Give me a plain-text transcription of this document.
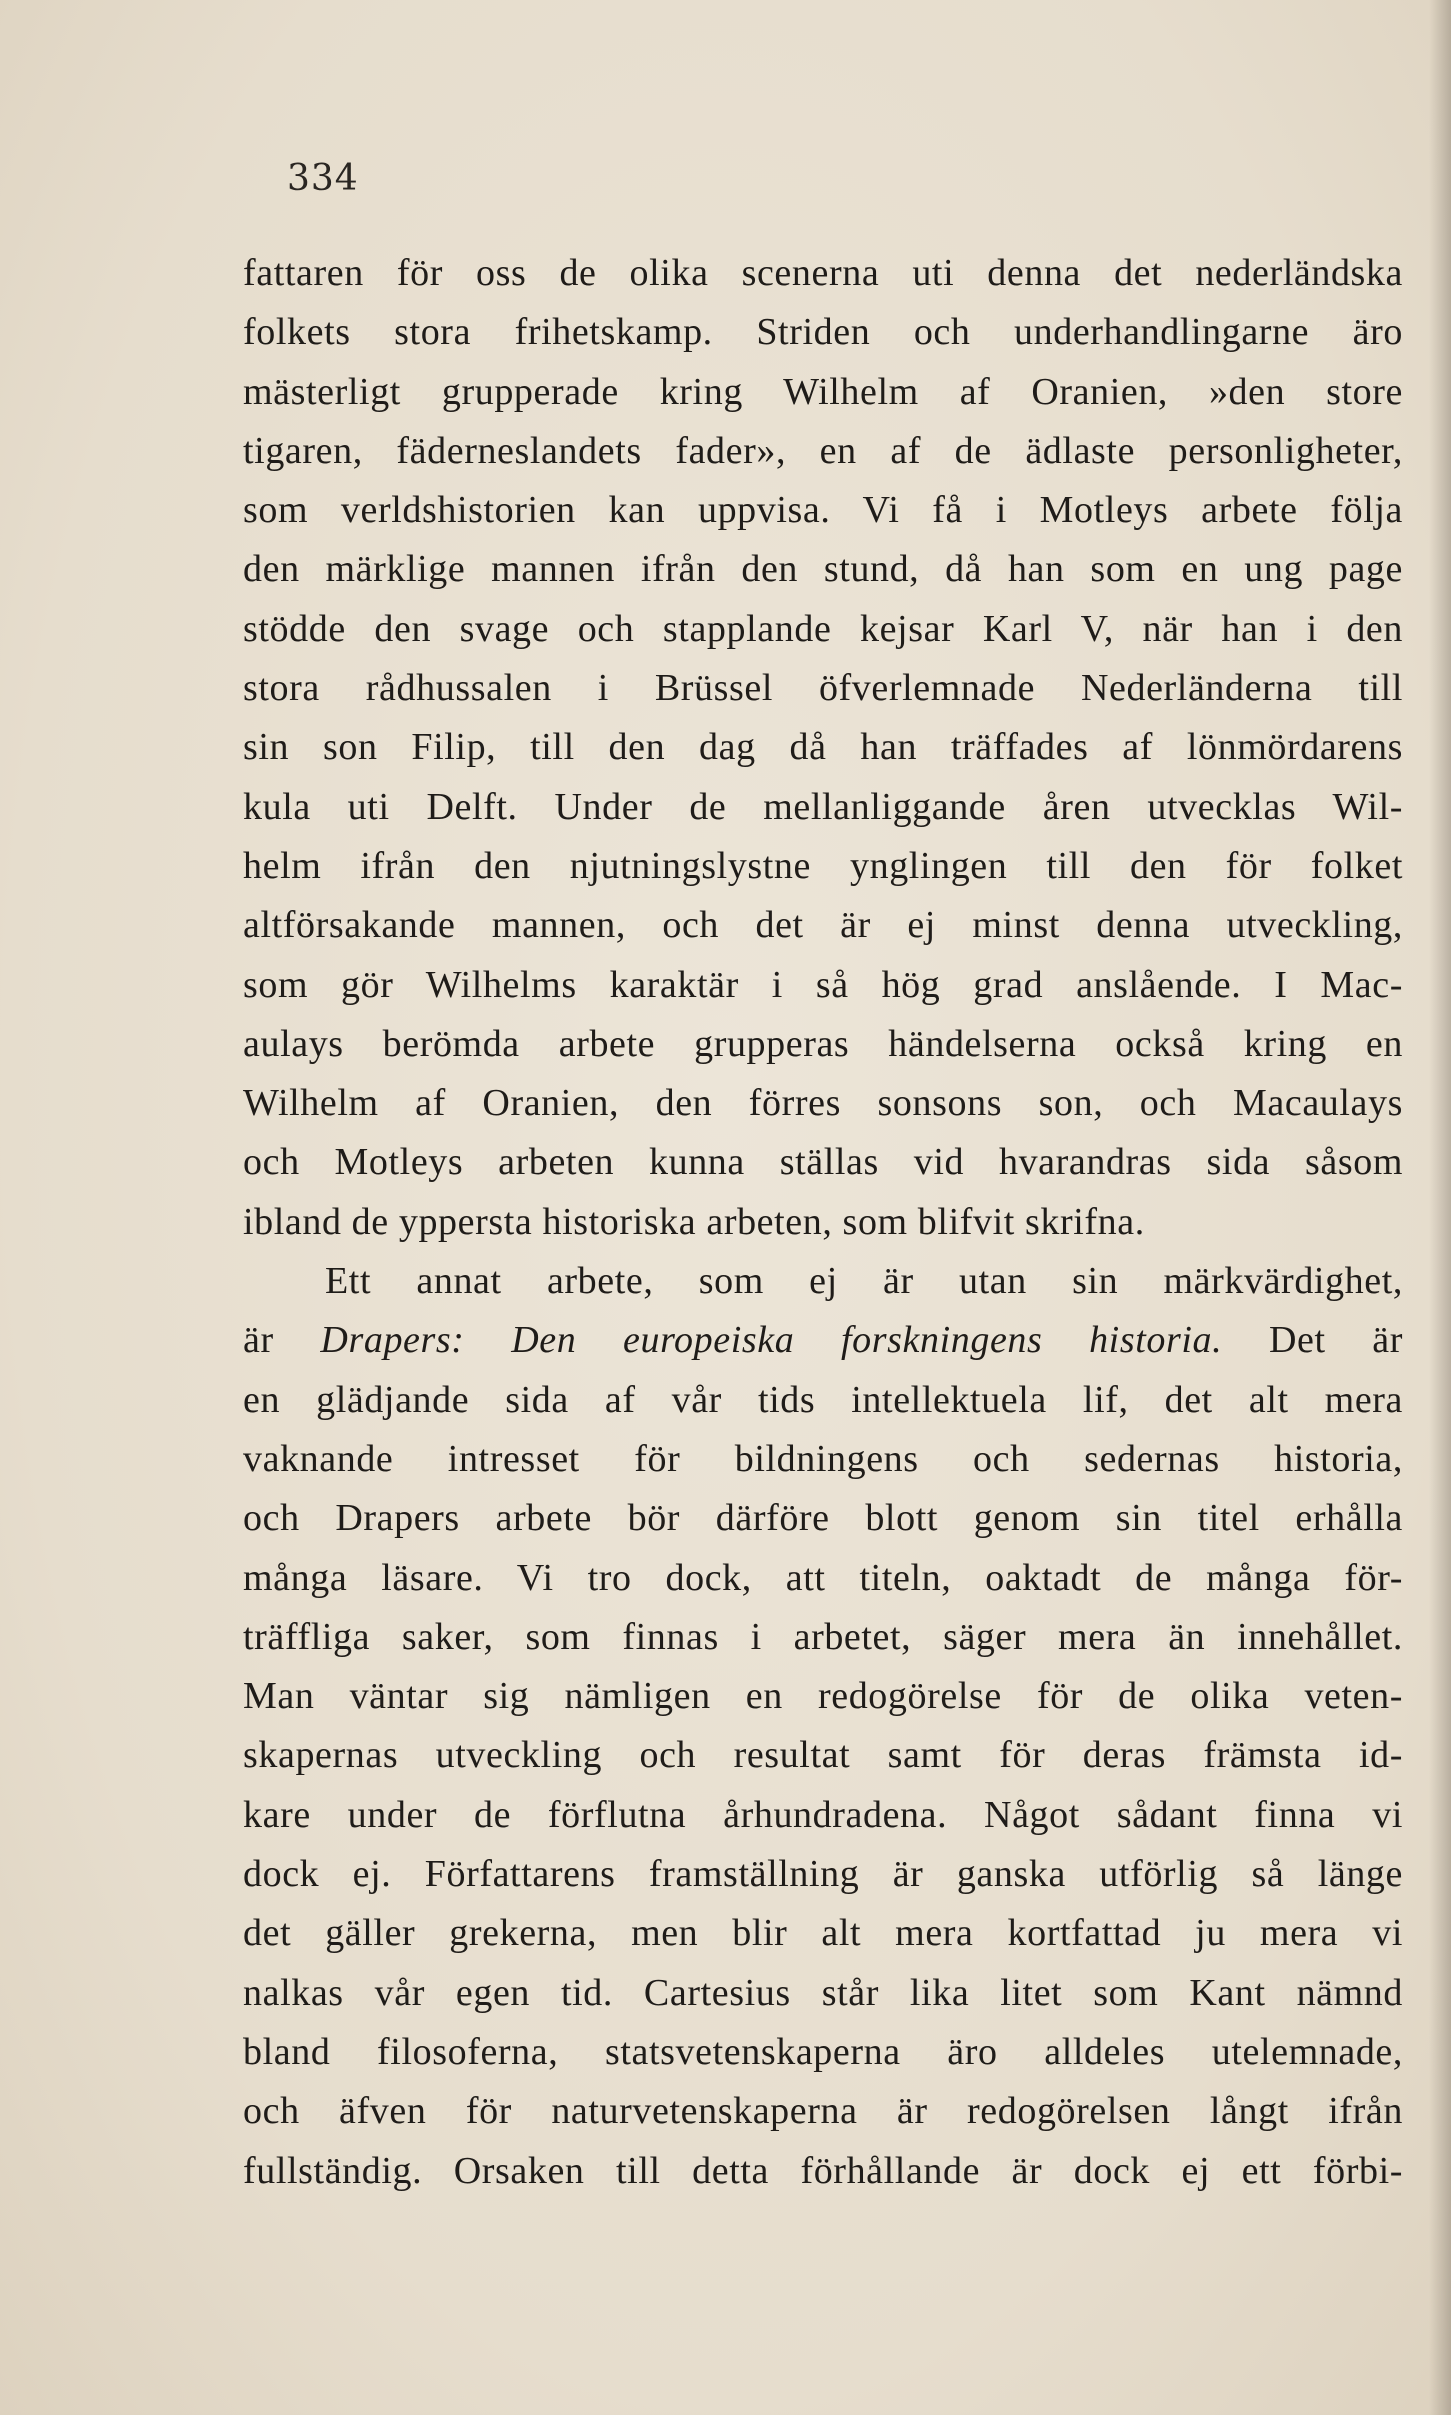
334
fattaren för oss de olika scenerna uti denna det nederländska
folkets stora frihetskamp. Striden och underhandlingarne äro
mästerligt grupperade kring Wilhelm af Oranien, »den store
tigaren, fäderneslandets fader», en af de ädlaste personligheter,
som verldshistorien kan uppvisa. Vi få i Motleys arbete följa
den märklige mannen ifrån den stund, då han som en ung page
stödde den svage och stapplande kejsar Karl V, när han i den
stora rådhussalen i Brüssel öfverlemnade Nederländerna till
sin son Filip, till den dag då han träffades af lönmördarens
kula uti Delft. Under de mellanliggande åren utvecklas Wil-
helm ifrån den njutningslystne ynglingen till den för folket
altförsakande mannen, och det är ej minst denna utveckling,
som gör Wilhelms karaktär i så hög grad anslående. I Mac-
aulays berömda arbete grupperas händelserna också kring en
Wilhelm af Oranien, den förres sonsons son, och Macaulays
och Motleys arbeten kunna ställas vid hvarandras sida såsom
ibland de yppersta historiska arbeten, som blifvit skrifna.
Ett annat arbete, som ej är utan sin märkvärdighet,
är Drapers: Den europeiska forskningens historia. Det är
en glädjande sida af vår tids intellektuela lif, det alt mera
vaknande intresset för bildningens och sedernas historia,
och Drapers arbete bör därföre blott genom sin titel erhålla
många läsare. Vi tro dock, att titeln, oaktadt de många för-
träffliga saker, som finnas i arbetet, säger mera än innehållet.
Man väntar sig nämligen en redogörelse för de olika veten-
skapernas utveckling och resultat samt för deras främsta id-
kare under de förflutna århundradena. Något sådant finna vi
dock ej. Författarens framställning är ganska utförlig så länge
det gäller grekerna, men blir alt mera kortfattad ju mera vi
nalkas vår egen tid. Cartesius står lika litet som Kant nämnd
bland filosoferna, statsvetenskaperna äro alldeles utelemnade,
och äfven för naturvetenskaperna är redogörelsen långt ifrån
fullständig. Orsaken till detta förhållande är dock ej ett förbi-
